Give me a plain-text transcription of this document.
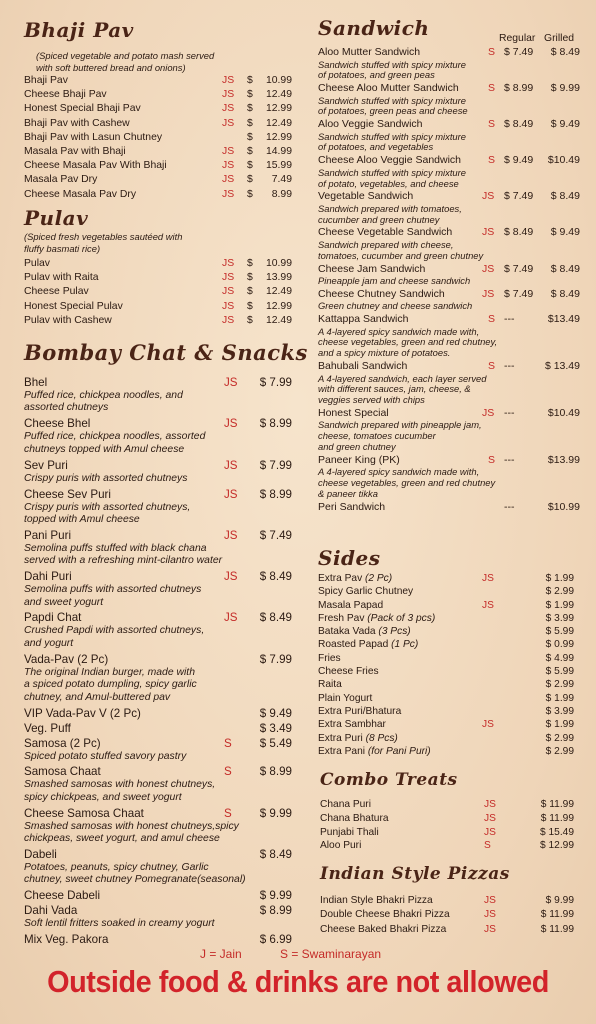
Bhaji Pav
(Spiced vegetable and potato mash served
with soft buttered bread and onions)
Bhaji Pav	JS $ 10.99
Cheese Bhaji Pav	JS $ 12.49
Honest Special Bhaji Pav	JS $ 12.99
Bhaji Pav with Cashew	JS $ 12.49
Bhaji Pav with Lasun Chutney	$ 12.99
Masala Pav with Bhaji	JS $ 14.99
Cheese Masala Pav With Bhaji	JS $ 15.99
Masala Pav Dry	JS $ 7.49
Cheese Masala Pav Dry	JS $ 8.99
Pulav
(Spiced fresh vegetables sautéed with
fluffy basmati rice)
Pulav	JS $ 10.99
Pulav with Raita	JS $ 13.99
Cheese Pulav	JS $ 12.49
Honest Special Pulav	JS $ 12.99
Pulav with Cashew	JS $ 12.49
Bombay Chat & Snacks
Bhel	JS $ 7.99
Puffed rice, chickpea noodles, and
assorted chutneys
Cheese Bhel	JS $ 8.99
Puffed rice, chickpea noodles, assorted
chutneys topped with Amul cheese
Sev Puri	JS $ 7.99
Crispy puris with assorted chutneys
Cheese Sev Puri	JS $ 8.99
Crispy puris with assorted chutneys,
topped with Amul cheese
Pani Puri	JS $ 7.49
Semolina puffs stuffed with black chana
served with a refreshing mint-cilantro water
Dahi Puri	JS $ 8.49
Semolina puffs with assorted chutneys
and sweet yogurt
Papdi Chat	JS $ 8.49
Crushed Papdi with assorted chutneys,
and yogurt
Vada-Pav (2 Pc)	$ 7.99
The original Indian burger, made with
a spiced potato dumpling, spicy garlic
chutney, and Amul-buttered pav
VIP Vada-Pav V (2 Pc)	$ 9.49
Veg. Puff	$ 3.49
Samosa (2 Pc)	S $ 5.49
Spiced potato stuffed savory pastry
Samosa Chaat	S $ 8.99
Smashed samosas with honest chutneys,
spicy chickpeas, and sweet yogurt
Cheese Samosa Chaat	S $ 9.99
Smashed samosas with honest chutneys,spicy
chickpeas, sweet yogurt, and amul cheese
Dabeli	$ 8.49
Potatoes, peanuts, spicy chutney, Garlic
chutney, sweet chutney Pomegranate(seasonal)
Cheese Dabeli	$ 9.99
Dahi Vada	$ 8.99
Soft lentil fritters soaked in creamy yogurt
Mix Veg. Pakora	$ 6.99
Sandwich	Regular Grilled
Aloo Mutter Sandwich	S $ 7.49 $ 8.49
Sandwich stuffed with spicy mixture
of potatoes, and green peas
Cheese Aloo Mutter Sandwich	S $ 8.99 $ 9.99
Sandwich stuffed with spicy mixture
of potatoes, green peas and cheese
Aloo Veggie Sandwich	S $ 8.49 $ 9.49
Sandwich stuffed with spicy mixture
of potatoes, and vegetables
Cheese Aloo Veggie Sandwich	S $ 9.49 $10.49
Sandwich stuffed with spicy mixture
of potato, vegetables, and cheese
Vegetable Sandwich	JS $ 7.49 $ 8.49
Sandwich prepared with tomatoes,
cucumber and green chutney
Cheese Vegetable Sandwich	JS $ 8.49 $ 9.49
Sandwich prepared with cheese,
tomatoes, cucumber and green chutney
Cheese Jam Sandwich	JS $ 7.49 $ 8.49
Pineapple jam and cheese sandwich
Cheese Chutney Sandwich	JS $ 7.49 $ 8.49
Green chutney and cheese sandwich
Kattappa Sandwich	S ---	$13.49
A 4-layered spicy sandwich made with,
cheese vegetables, green and red chutney,
and a spicy mixture of potatoes.
Bahubali Sandwich	S ---	$ 13.49
A 4-layered sandwich, each layer served
with different sauces, jam, cheese, &
veggies served with chips
Honest Special	JS ---	$10.49
Sandwich prepared with pineapple jam,
cheese, tomatoes cucumber
and green chutney
Paneer King (PK)	S ---	$13.99
A 4-layered spicy sandwich made with,
cheese vegetables, green and red chutney
& paneer tikka
Peri Sandwich	---	$10.99
Sides
Extra Pav (2 Pc)	JS	$ 1.99
Spicy Garlic Chutney	$ 2.99
Masala Papad	JS	$ 1.99
Fresh Pav (Pack of 3 pcs)	$ 3.99
Bataka Vada (3 Pcs)	$ 5.99
Roasted Papad (1 Pc)	$ 0.99
Fries	$ 4.99
Cheese Fries	$ 5.99
Raita	$ 2.99
Plain Yogurt	$ 1.99
Extra Puri/Bhatura	$ 3.99
Extra Sambhar	JS	$ 1.99
Extra Puri (8 Pcs)	$ 2.99
Extra Pani (for Pani Puri)	$ 2.99
Combo Treats
Chana Puri	JS	$ 11.99
Chana Bhatura	JS	$ 11.99
Punjabi Thali	JS	$ 15.49
Aloo Puri	S	$ 12.99
Indian Style Pizzas
Indian Style Bhakri Pizza	JS	$ 9.99
Double Cheese Bhakri Pizza	JS	$ 11.99
Cheese Baked Bhakri Pizza	JS	$ 11.99
J = Jain	S = Swaminarayan
Outside food & drinks are not allowed
